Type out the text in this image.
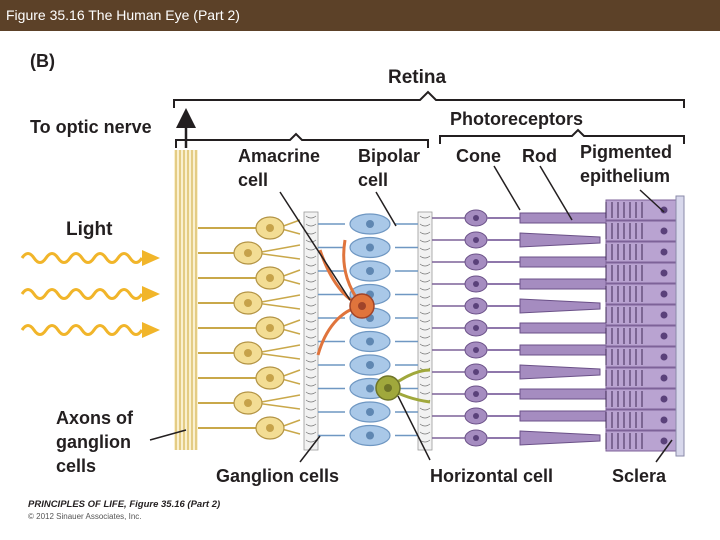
Figure 35.16 The Human Eye (Part 2)
(B)
Retina
To optic nerve	Photoreceptors
Amacrine
cell
Bipolar
cell
Cone Rod Pigmented
epithelium
Light
Axons of
ganglion
cells	Ganglion cells	Horizontal cell	Sclera
PRINCIPLES OF LIFE, Figure 35.16 (Part 2)
© 2012 Sinauer Associates, Inc.
